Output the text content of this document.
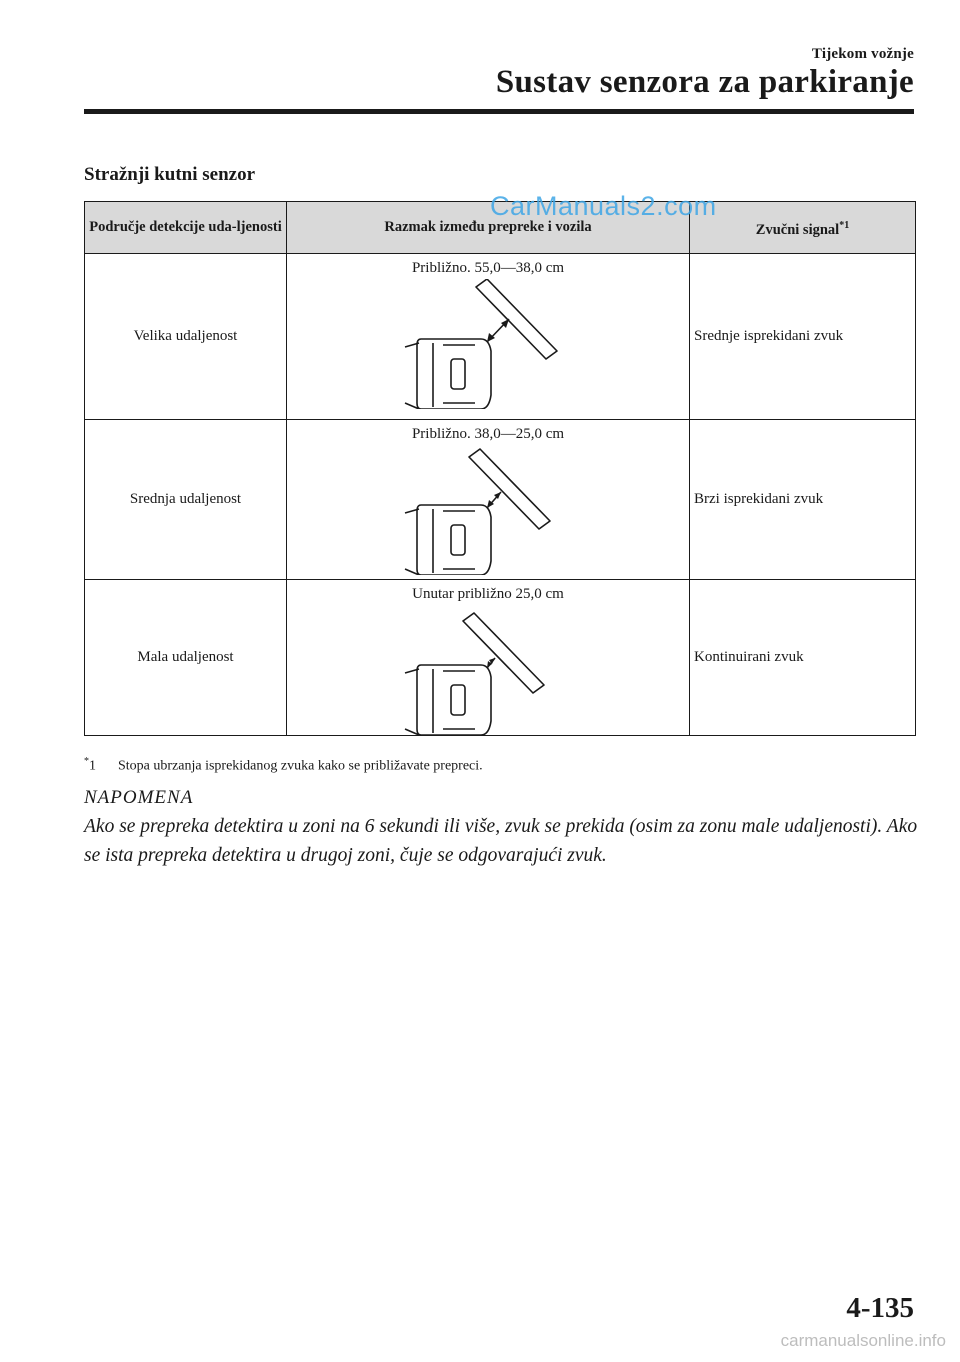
Tijekom vožnje
Sustav senzora za parkiranje
Stražnji kutni senzor
Područje detekcije uda-ljenosti	Razmak između prepreke i vozila	Zvučni signal$^{*1}$
Velika udaljenost	Približno. 55,0—38,0 cm	Srednje isprekidani zvuk
Srednja udaljenost	Približno. 38,0—25,0 cm	Brzi isprekidani zvuk
Mala udaljenost	Unutar približno 25,0 cm	Kontinuirani zvuk
CarManuals2.com
*1 Stopa ubrzanja isprekidanog zvuka kako se približavate prepreci.
NAPOMENA
Ako se prepreka detektira u zoni na 6 sekundi ili više, zvuk se prekida (osim za zonu male udaljenosti). Ako se ista prepreka detektira u drugoj zoni, čuje se odgovarajući zvuk.
4-135
carmanualsonline.info
